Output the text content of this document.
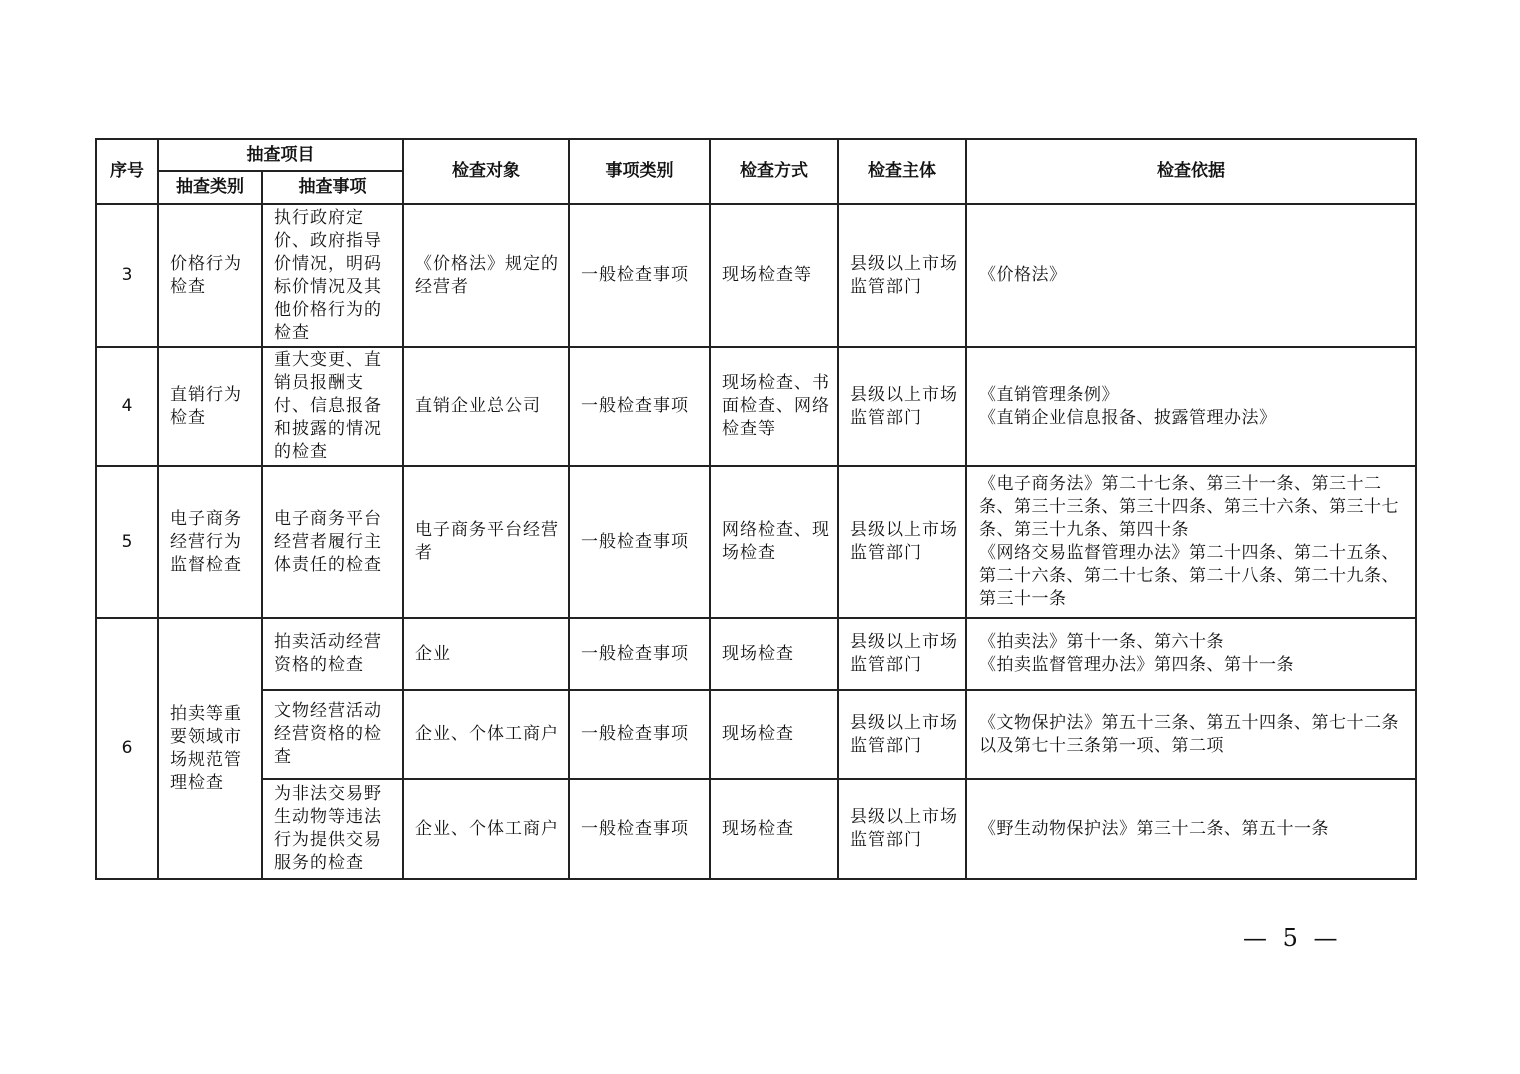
序号	抽查项目		检查对象	事项类别	检查方式	检查主体	检查依据
	抽查类别	抽查事项					
3	价格行为检查	执行政府定价、政府指导价情况，明码标价情况及其他价格行为的检查	《价格法》规定的经营者	一般检查事项	现场检查等	县级以上市场监管部门	《价格法》

4	直销行为检查	重大变更、直销员报酬支付、信息报备和披露的情况的检查	直销企业总公司	一般检查事项	现场检查、书面检查、网络检查等	县级以上市场监管部门	《直销管理条例》
《直销企业信息报备、披露管理办法》

5	电子商务经营行为监督检查	电子商务平台经营者履行主体责任的检查	电子商务平台经营者	一般检查事项	网络检查、现场检查	县级以上市场监管部门	《电子商务法》第二十七条、第三十一条、第三十二条、第三十三条、第三十四条、第三十六条、第三十七条、第三十九条、第四十条
《网络交易监督管理办法》第二十四条、第二十五条、第二十六条、第二十七条、第二十八条、第二十九条、第三十一条

6	拍卖等重要领域市场规范管理检查	拍卖活动经营资格的检查	企业	一般检查事项	现场检查	县级以上市场监管部门	《拍卖法》第十一条、第六十条
《拍卖监督管理办法》第四条、第十一条

		文物经营活动经营资格的检查	企业、个体工商户	一般检查事项	现场检查	县级以上市场监管部门	《文物保护法》第五十三条、第五十四条、第七十二条以及第七十三条第一项、第二项

		为非法交易野生动物等违法行为提供交易服务的检查	企业、个体工商户	一般检查事项	现场检查	县级以上市场监管部门	《野生动物保护法》第三十二条、第五十一条
— 5 —
